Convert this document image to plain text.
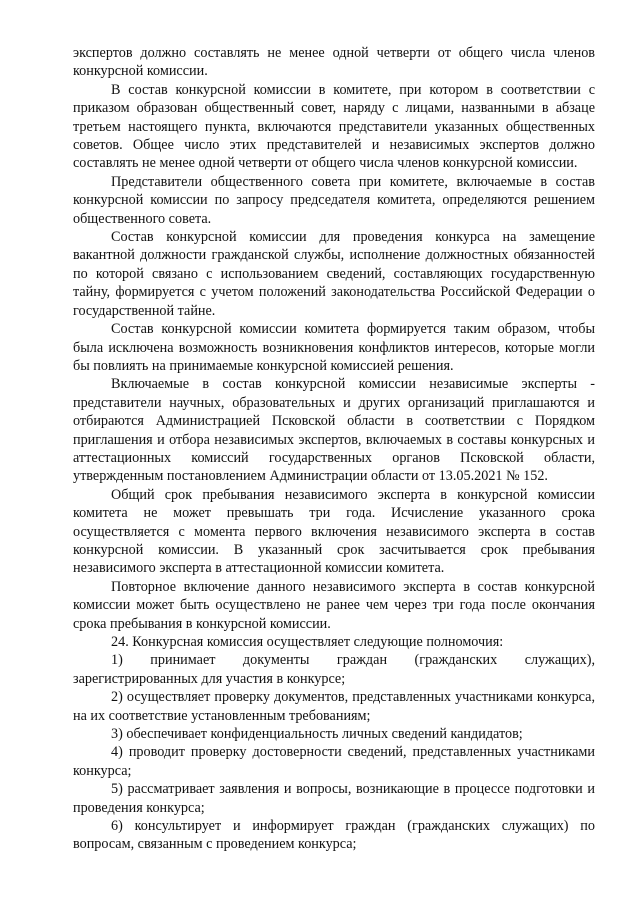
экспертов должно составлять не менее одной четверти от общего числа членов конкурсной комиссии.

В состав конкурсной комиссии в комитете, при котором в соответствии с приказом образован общественный совет, наряду с лицами, названными в абзаце третьем настоящего пункта, включаются представители указанных общественных советов. Общее число этих представителей и независимых экспертов должно составлять не менее одной четверти от общего числа членов конкурсной комиссии.

Представители общественного совета при комитете, включаемые в состав конкурсной комиссии по запросу председателя комитета, определяются решением общественного совета.

Состав конкурсной комиссии для проведения конкурса на замещение вакантной должности гражданской службы, исполнение должностных обязанностей по которой связано с использованием сведений, составляющих государственную тайну, формируется с учетом положений законодательства Российской Федерации о государственной тайне.

Состав конкурсной комиссии комитета формируется таким образом, чтобы была исключена возможность возникновения конфликтов интересов, которые могли бы повлиять на принимаемые конкурсной комиссией решения.

Включаемые в состав конкурсной комиссии независимые эксперты - представители научных, образовательных и других организаций приглашаются и отбираются Администрацией Псковской области в соответствии с Порядком приглашения и отбора независимых экспертов, включаемых в составы конкурсных и аттестационных комиссий государственных органов Псковской области, утвержденным постановлением Администрации области от 13.05.2021 № 152.

Общий срок пребывания независимого эксперта в конкурсной комиссии комитета не может превышать три года. Исчисление указанного срока осуществляется с момента первого включения независимого эксперта в состав конкурсной комиссии. В указанный срок засчитывается срок пребывания независимого эксперта в аттестационной комиссии комитета.

Повторное включение данного независимого эксперта в состав конкурсной комиссии может быть осуществлено не ранее чем через три года после окончания срока пребывания в конкурсной комиссии.

24. Конкурсная комиссия осуществляет следующие полномочия:

1) принимает документы граждан (гражданских служащих), зарегистрированных для участия в конкурсе;

2) осуществляет проверку документов, представленных участниками конкурса, на их соответствие установленным требованиям;

3) обеспечивает конфиденциальность личных сведений кандидатов;

4) проводит проверку достоверности сведений, представленных участниками конкурса;

5) рассматривает заявления и вопросы, возникающие в процессе подготовки и проведения конкурса;

6) консультирует и информирует граждан (гражданских служащих) по вопросам, связанным с проведением конкурса;
